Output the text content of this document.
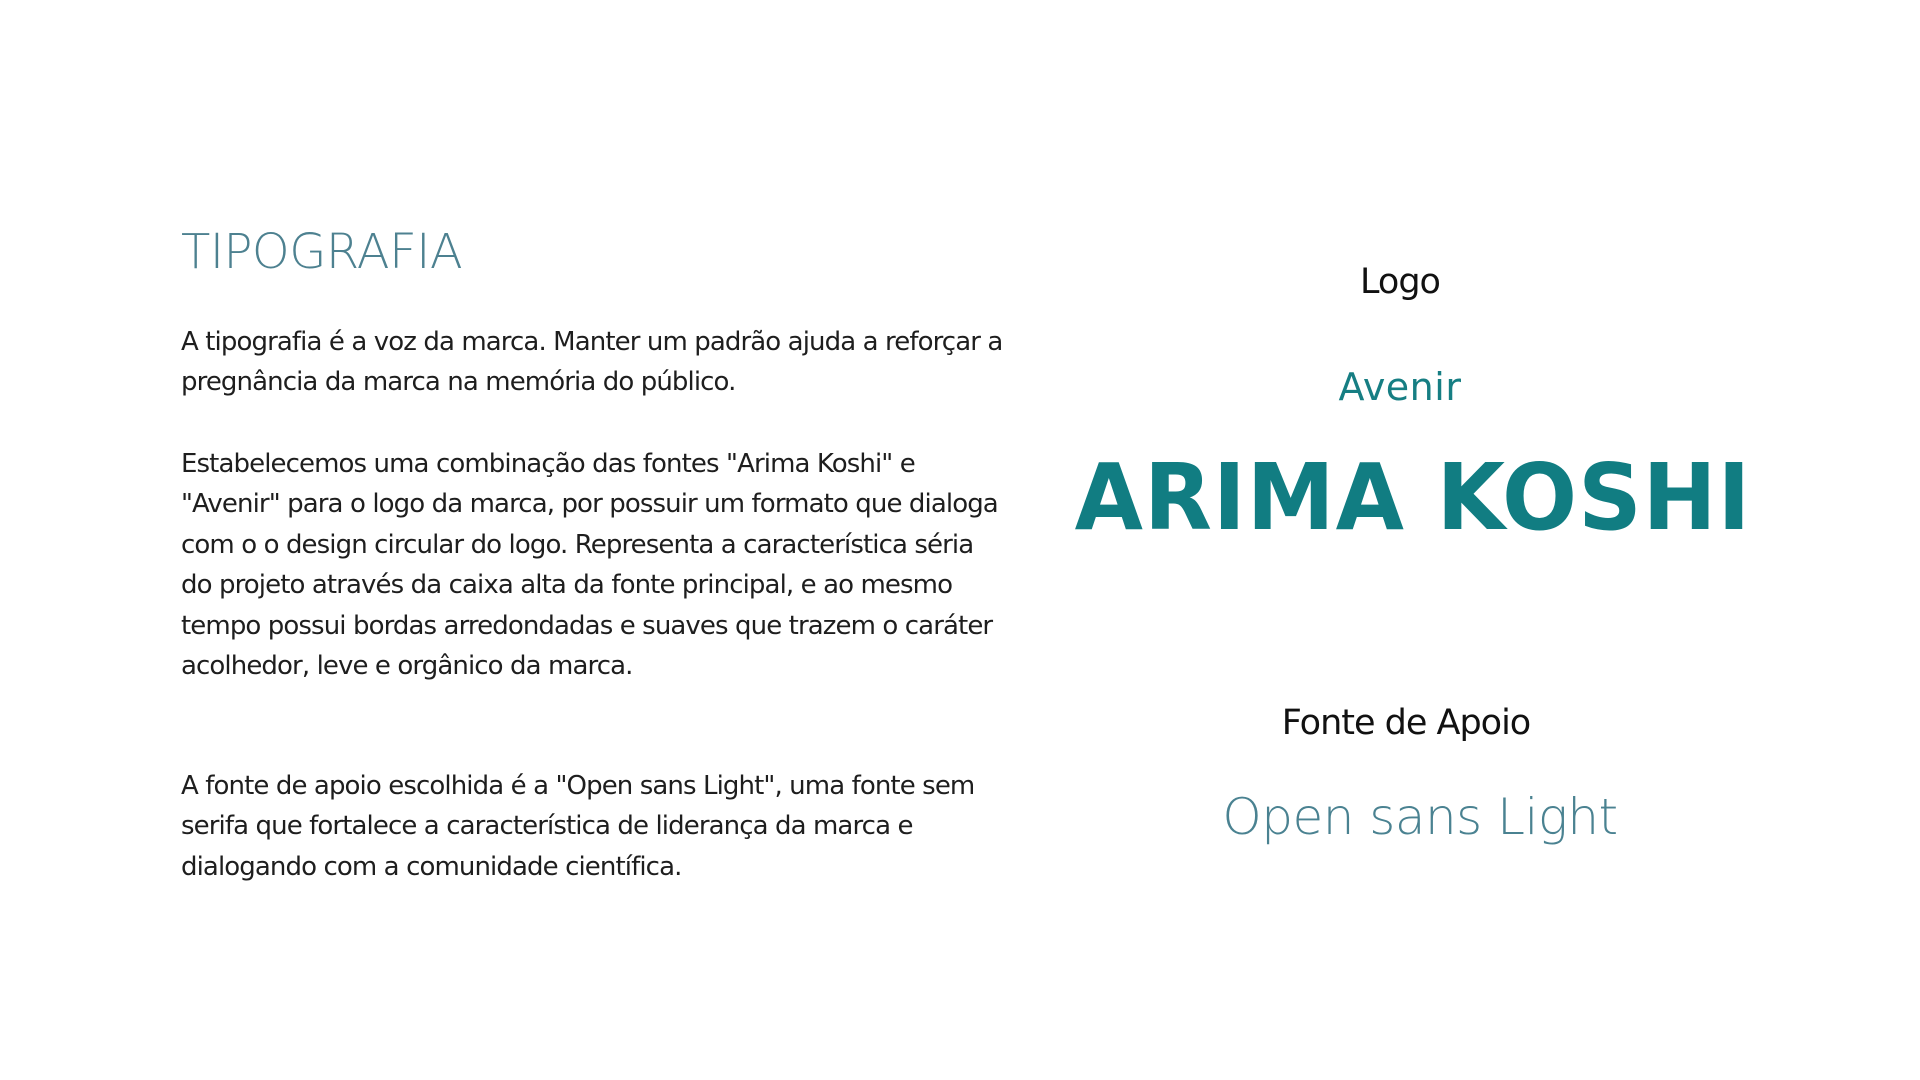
TIPOGRAFIA

A tipografia é a voz da marca. Manter um padrão ajuda a reforçar a pregnância da marca na memória do público.

Estabelecemos uma combinação das fontes "Arima Koshi" e "Avenir" para o logo da marca, por possuir um formato que dialoga com o o design circular do logo. Representa a característica séria do projeto através da caixa alta da fonte principal, e ao mesmo tempo possui bordas arredondadas e suaves que trazem o caráter acolhedor, leve e orgânico da marca.

A fonte de apoio escolhida é a "Open sans Light", uma fonte sem serifa que fortalece a característica de liderança da marca e dialogando com a comunidade científica.

Logo

Avenir

ARIMA KOSHI

Fonte de Apoio

Open sans Light
